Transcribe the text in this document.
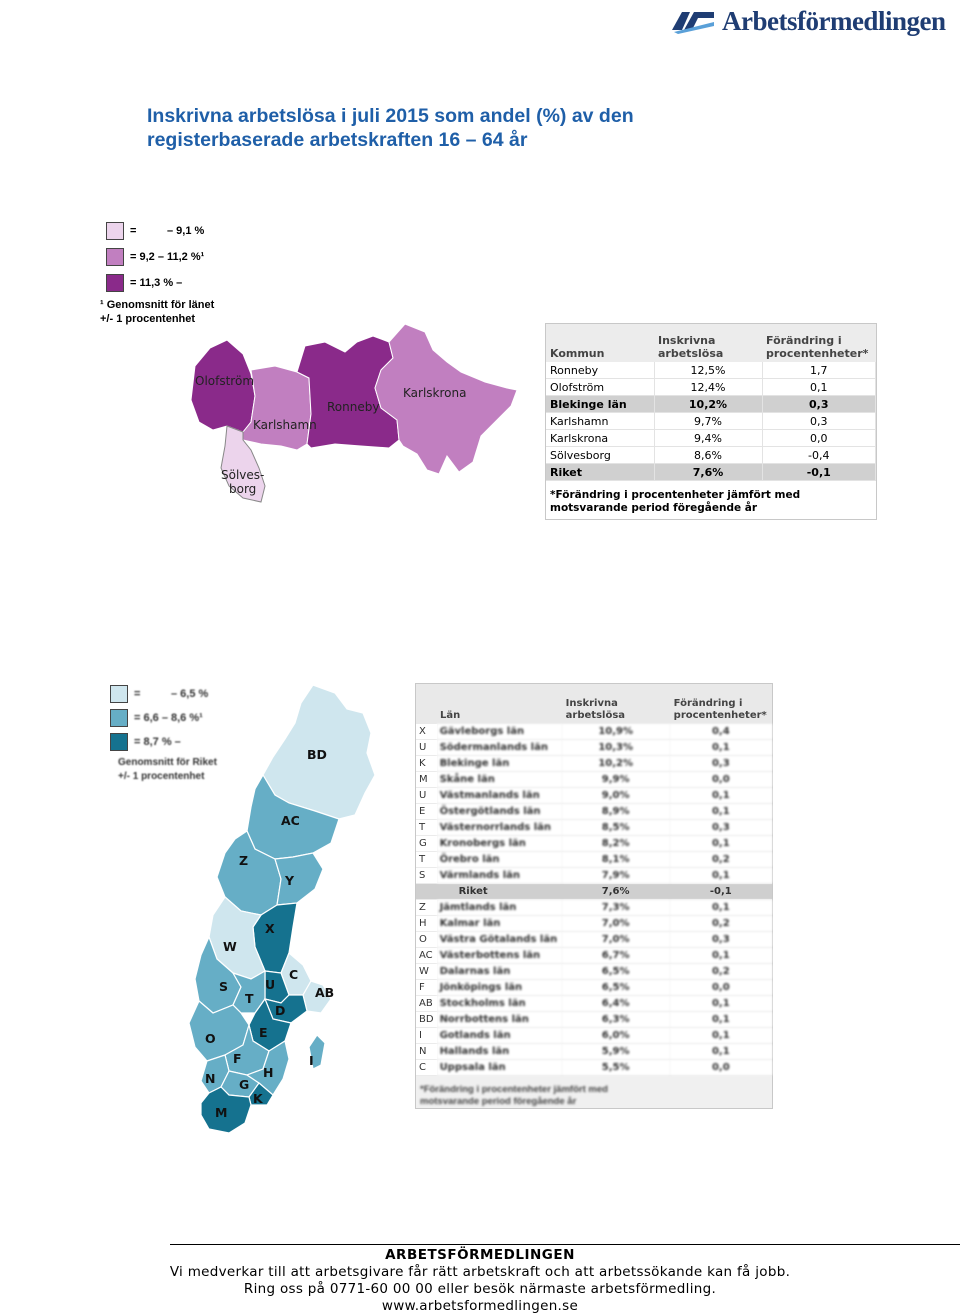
Arbetsförmedlingen
Inskrivna arbetslösa i juli 2015 som andel (%) av den
registerbaserade arbetskraften 16 – 64 år
=          – 9,1 %
= 9,2 – 11,2 %¹
= 11,3 % –
¹ Genomsnitt för länet
+/- 1 procentenhet
Olofström
Karlshamn
Ronneby
Karlskrona
Sölves-
borg
Kommun	Inskrivna
arbetslösa	Förändring i
procentenheter*
Ronneby	12,5%	1,7
Olofström	12,4%	0,1
Blekinge län	10,2%	0,3
Karlshamn	9,7%	0,3
Karlskrona	9,4%	0,0
Sölvesborg	8,6%	-0,4
Riket	7,6%	-0,1
*Förändring i procentenheter jämfört med
motsvarande period föregående år
=          – 6,5 %
= 6,6 – 8,6 %¹
= 8,7 % –
Genomsnitt för Riket
+/- 1 procentenhet
BD
AC
Z
Y
X
W
C
AB
S
T
U
D
E
O
F	I
N G
H
K
M
Län		Inskrivna
arbetslösa	Förändring i
procentenheter*
X	Gävleborgs län	10,9%	0,4
U	Södermanlands län	10,3%	0,1
K	Blekinge län	10,2%	0,3
M	Skåne län	9,9%	0,0
U	Västmanlands län	9,0%	0,1
E	Östergötlands län	8,9%	0,1
T	Västernorrlands län	8,5%	0,3
G	Kronobergs län	8,2%	0,1
T	Örebro län	8,1%	0,2
S	Värmlands län	7,9%	0,1
	Riket	7,6%	-0,1
Z	Jämtlands län	7,3%	0,1
H	Kalmar län	7,0%	0,2
O	Västra Götalands län	7,0%	0,3
AC	Västerbottens län	6,7%	0,1
W	Dalarnas län	6,5%	0,2
F	Jönköpings län	6,5%	0,0
AB	Stockholms län	6,4%	0,1
BD	Norrbottens län	6,3%	0,1
I	Gotlands län	6,0%	0,1
N	Hallands län	5,9%	0,1
C	Uppsala län	5,5%	0,0
*Förändring i procentenheter jämfört med
motsvarande period föregående år
ARBETSFÖRMEDLINGEN
Vi medverkar till att arbetsgivare får rätt arbetskraft och att arbetssökande kan få jobb.
Ring oss på 0771-60 00 00 eller besök närmaste arbetsförmedling.
www.arbetsformedlingen.se
